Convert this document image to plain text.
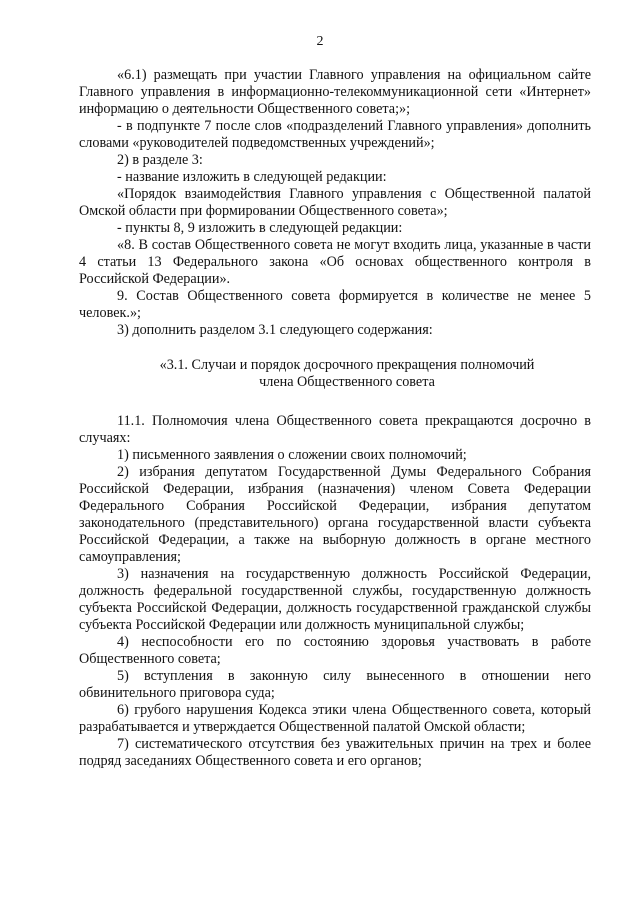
2

«6.1) размещать при участии Главного управления на официальном сайте Главного управления в информационно-телекоммуникационной сети «Интернет» информацию о деятельности Общественного совета;»;

- в подпункте 7 после слов «подразделений Главного управления» дополнить словами «руководителей подведомственных учреждений»;

2) в разделе 3:

- название изложить в следующей редакции:

«Порядок взаимодействия Главного управления с Общественной палатой Омской области при формировании Общественного совета»;

- пункты 8, 9 изложить в следующей редакции:

«8. В состав Общественного совета не могут входить лица, указанные в части 4 статьи 13 Федерального закона «Об основах общественного контроля в Российской Федерации».

9. Состав Общественного совета формируется в количестве не менее 5 человек.»;

3) дополнить разделом 3.1 следующего содержания:

«3.1. Случаи и порядок досрочного прекращения полномочий
члена Общественного совета

11.1. Полномочия члена Общественного совета прекращаются досрочно в случаях:

1) письменного заявления о сложении своих полномочий;

2) избрания депутатом Государственной Думы Федерального Собрания Российской Федерации, избрания (назначения) членом Совета Федерации Федерального Собрания Российской Федерации, избрания депутатом законодательного (представительного) органа государственной власти субъекта Российской Федерации, а также на выборную должность в органе местного самоуправления;

3) назначения на государственную должность Российской Федерации, должность федеральной государственной службы, государственную должность субъекта Российской Федерации, должность государственной гражданской службы субъекта Российской Федерации или должность муниципальной службы;

4) неспособности его по состоянию здоровья участвовать в работе Общественного совета;

5) вступления в законную силу вынесенного в отношении него обвинительного приговора суда;

6) грубого нарушения Кодекса этики члена Общественного совета, который разрабатывается и утверждается Общественной палатой Омской области;

7) систематического отсутствия без уважительных причин на трех и более подряд заседаниях Общественного совета и его органов;
